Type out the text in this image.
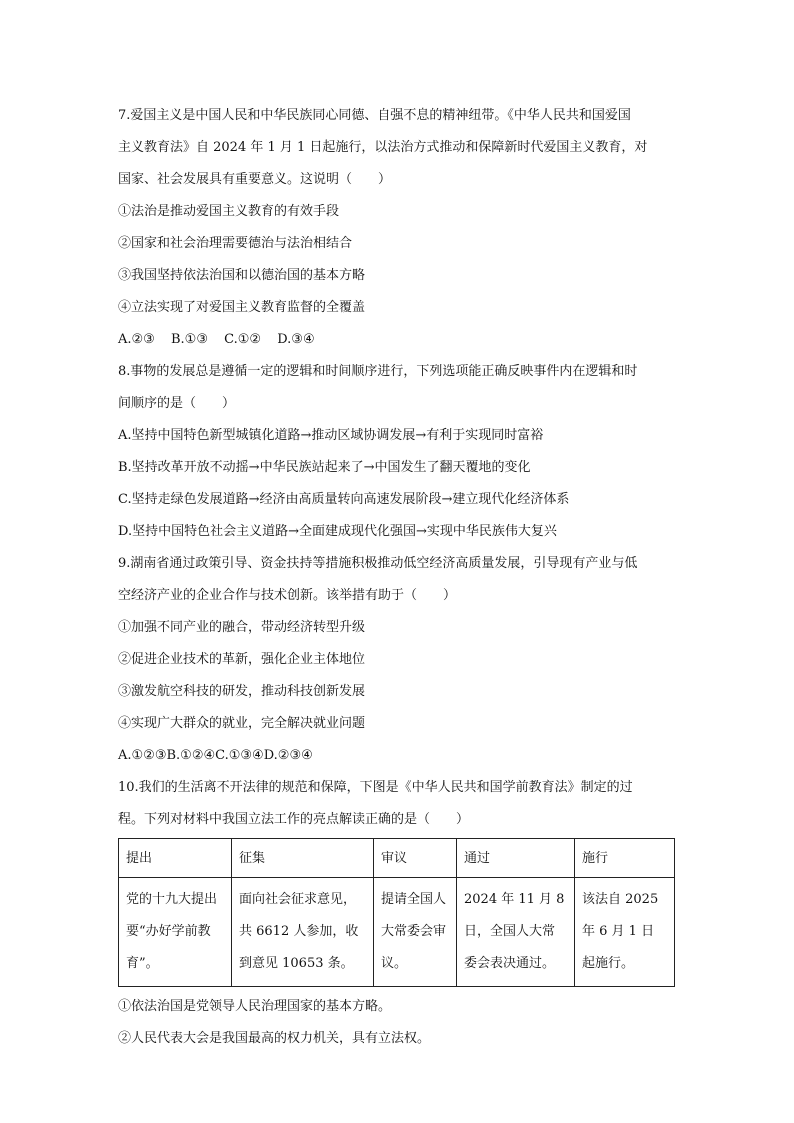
7.爱国主义是中国人民和中华民族同心同德、自强不息的精神纽带。《中华人民共和国爱国
主义教育法》自 2024 年 1 月 1 日起施行，以法治方式推动和保障新时代爱国主义教育，对
国家、社会发展具有重要意义。这说明（　　）
①法治是推动爱国主义教育的有效手段
②国家和社会治理需要德治与法治相结合
③我国坚持依法治国和以德治国的基本方略
④立法实现了对爱国主义教育监督的全覆盖
A.②③ B.①③ C.①② D.③④
8.事物的发展总是遵循一定的逻辑和时间顺序进行，下列选项能正确反映事件内在逻辑和时
间顺序的是（　　）
A.坚持中国特色新型城镇化道路→推动区域协调发展→有利于实现同时富裕
B.坚持改革开放不动摇→中华民族站起来了→中国发生了翻天覆地的变化
C.坚持走绿色发展道路→经济由高质量转向高速发展阶段→建立现代化经济体系
D.坚持中国特色社会主义道路→全面建成现代化强国→实现中华民族伟大复兴
9.湖南省通过政策引导、资金扶持等措施积极推动低空经济高质量发展，引导现有产业与低
空经济产业的企业合作与技术创新。该举措有助于（　　）
①加强不同产业的融合，带动经济转型升级
②促进企业技术的革新，强化企业主体地位
③激发航空科技的研发，推动科技创新发展
④实现广大群众的就业，完全解决就业问题
A.①②③B.①②④C.①③④D.②③④
10.我们的生活离不开法律的规范和保障，下图是《中华人民共和国学前教育法》制定的过
程。下列对材料中我国立法工作的亮点解读正确的是（　　）
提出	征集	审议	通过	施行
党的十九大提出要“办好学前教育”。	面向社会征求意见，共 6612 人参加，收到意见 10653 条。	提请全国人大常委会审议。	2024 年 11 月 8 日，全国人大常委会表决通过。	该法自 2025 年 6 月 1 日起施行。
①依法治国是党领导人民治理国家的基本方略。
②人民代表大会是我国最高的权力机关，具有立法权。
